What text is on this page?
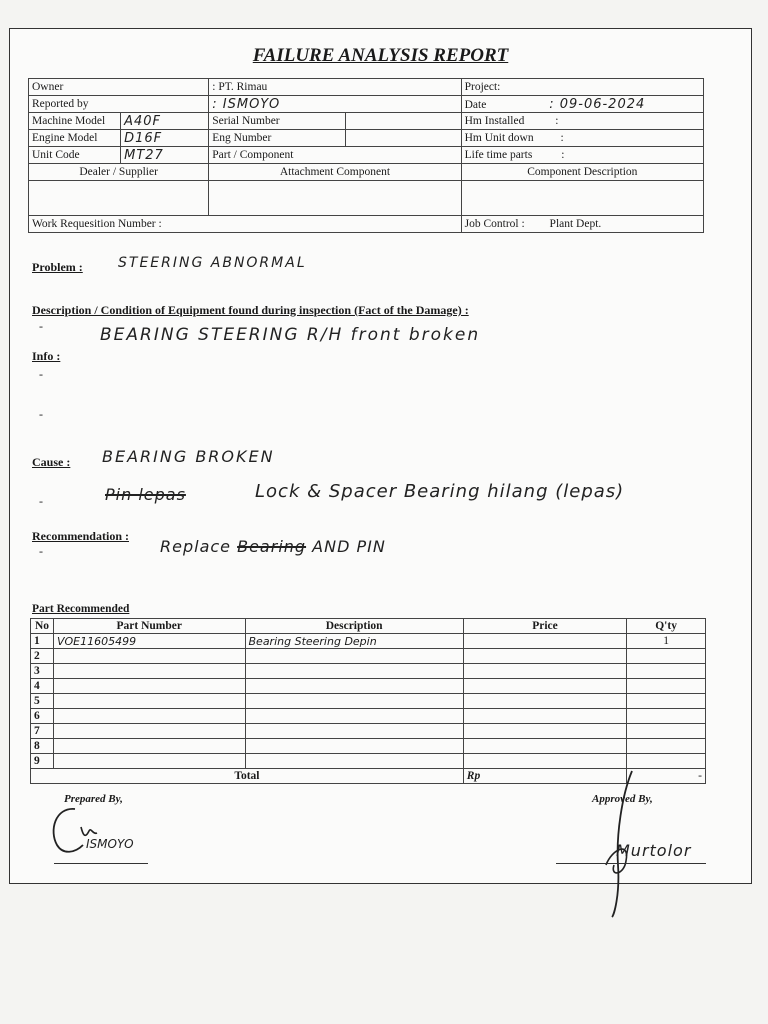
FAILURE ANALYSIS REPORT
Owner		: PT. Rimau		Project:
Reported by		: ISMOYO		Date : 09-06-2024
Machine Model	A40F	Serial Number		Hm Installed :
Engine Model	D16F	Eng Number		Hm Unit down :
Unit Code	MT27	Part / Component		Life time parts :
Dealer / Supplier		Attachment Component		Component Description

Work Requesition Number :				Job Control : Plant Dept.
Problem :	STEERING ABNORMAL
Description / Condition of Equipment found during inspection (Fact of the Damage) :
-	BEARING STEERING R/H front broken
Info :
-
-
BEARING BROKEN
Cause :
-	Pin lepas	Lock & Spacer Bearing hilang (lepas)
Recommendation :
-	Replace Bearing AND PIN
Part Recommended
No	Part Number	Description	Price	Q'ty
1	VOE11605499	Bearing Steering Depin		1
2				
3				
4				
5				
6				
7				
8				
9				
Total			Rp	-
Prepared By,
ISMOYO
Approved By,
Murtolor
